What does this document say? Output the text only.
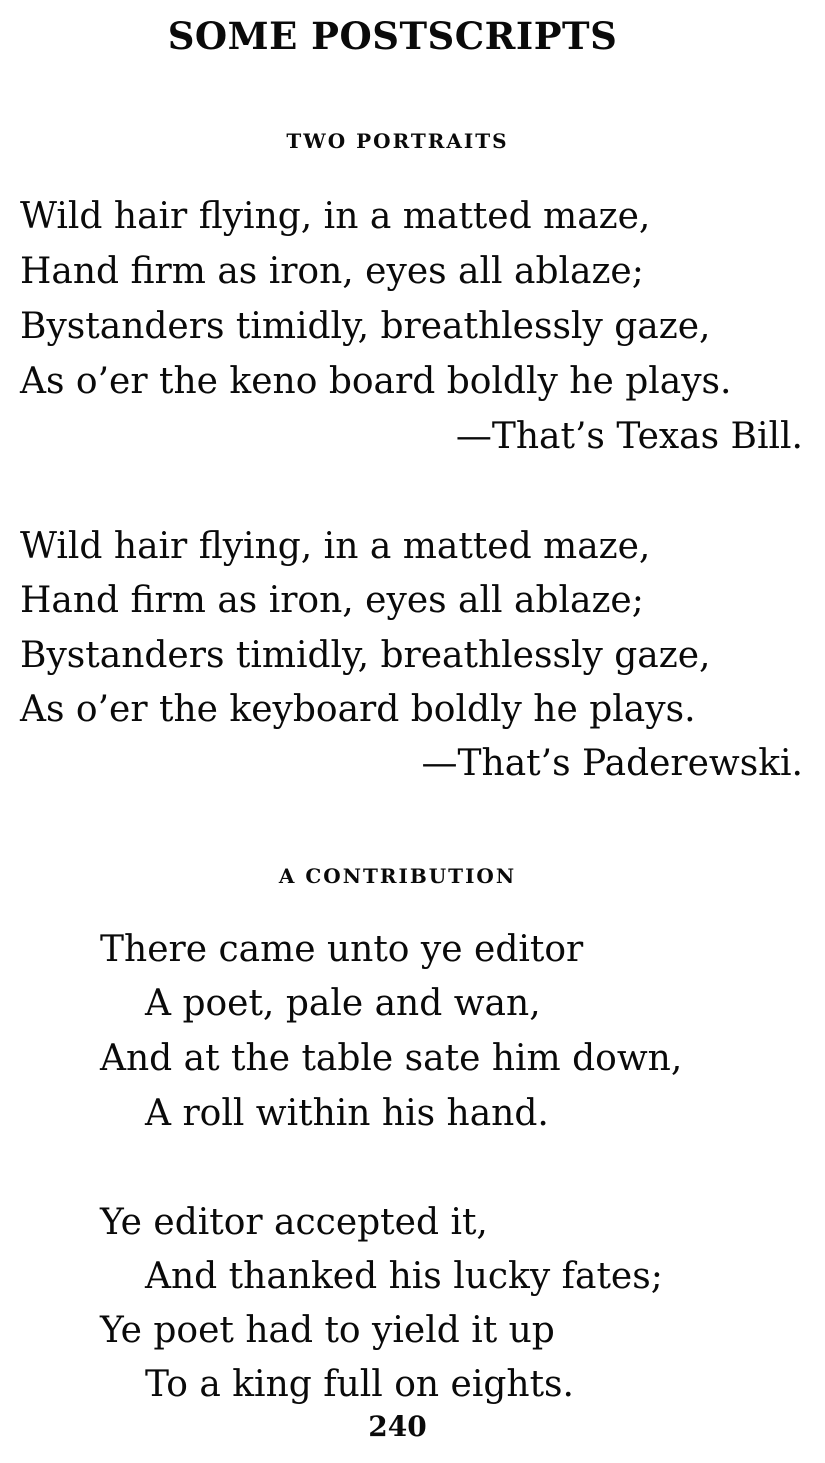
SOME POSTSCRIPTS
TWO PORTRAITS
Wild hair flying, in a matted maze,
Hand firm as iron, eyes all ablaze;
Bystanders timidly, breathlessly gaze,
As o’er the keno board boldly he plays.
—That’s Texas Bill.
Wild hair flying, in a matted maze,
Hand firm as iron, eyes all ablaze;
Bystanders timidly, breathlessly gaze,
As o’er the keyboard boldly he plays.
—That’s Paderewski.
A CONTRIBUTION
There came unto ye editor
A poet, pale and wan,
And at the table sate him down,
A roll within his hand.
Ye editor accepted it,
And thanked his lucky fates;
Ye poet had to yield it up
To a king full on eights.
240
